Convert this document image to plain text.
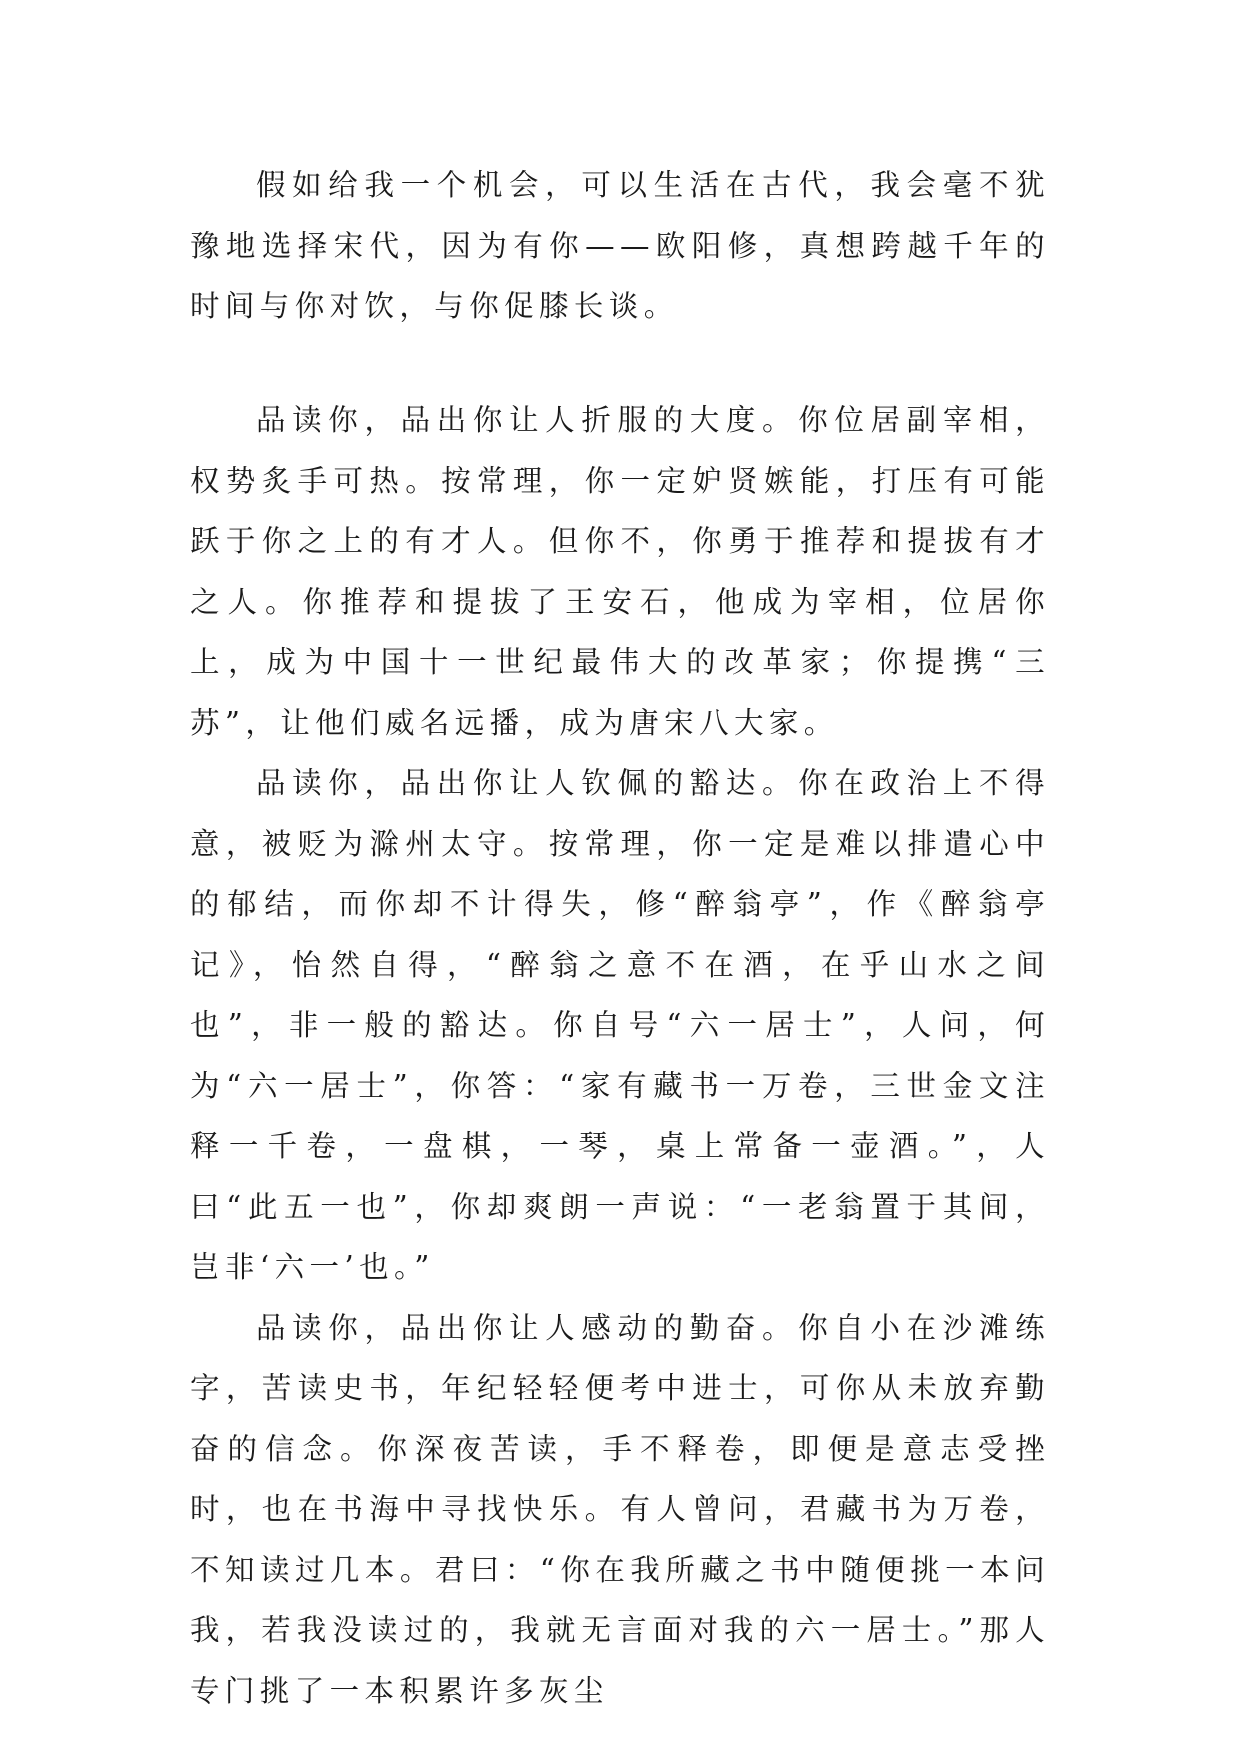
假如给我一个机会，可以生活在古代，我会毫不犹豫地选择宋代，因为有你——欧阳修，真想跨越千年的时间与你对饮，与你促膝长谈。

品读你，品出你让人折服的大度。你位居副宰相，权势炙手可热。按常理，你一定妒贤嫉能，打压有可能跃于你之上的有才人。但你不，你勇于推荐和提拔有才之人。你推荐和提拔了王安石，他成为宰相，位居你上，成为中国十一世纪最伟大的改革家；你提携“三苏”，让他们威名远播，成为唐宋八大家。

品读你，品出你让人钦佩的豁达。你在政治上不得意，被贬为滁州太守。按常理，你一定是难以排遣心中的郁结，而你却不计得失，修“醉翁亭”，作《醉翁亭记》，怡然自得，“醉翁之意不在酒，在乎山水之间也”，非一般的豁达。你自号“六一居士”，人问，何为“六一居士”，你答：“家有藏书一万卷，三世金文注释一千卷，一盘棋，一琴，桌上常备一壶酒。”，人曰“此五一也”，你却爽朗一声说：“一老翁置于其间，岂非‘六一’也。”

品读你，品出你让人感动的勤奋。你自小在沙滩练字，苦读史书，年纪轻轻便考中进士，可你从未放弃勤奋的信念。你深夜苦读，手不释卷，即便是意志受挫时，也在书海中寻找快乐。有人曾问，君藏书为万卷，不知读过几本。君曰：“你在我所藏之书中随便挑一本问我，若我没读过的，我就无言面对我的六一居士。”那人专门挑了一本积累许多灰尘
